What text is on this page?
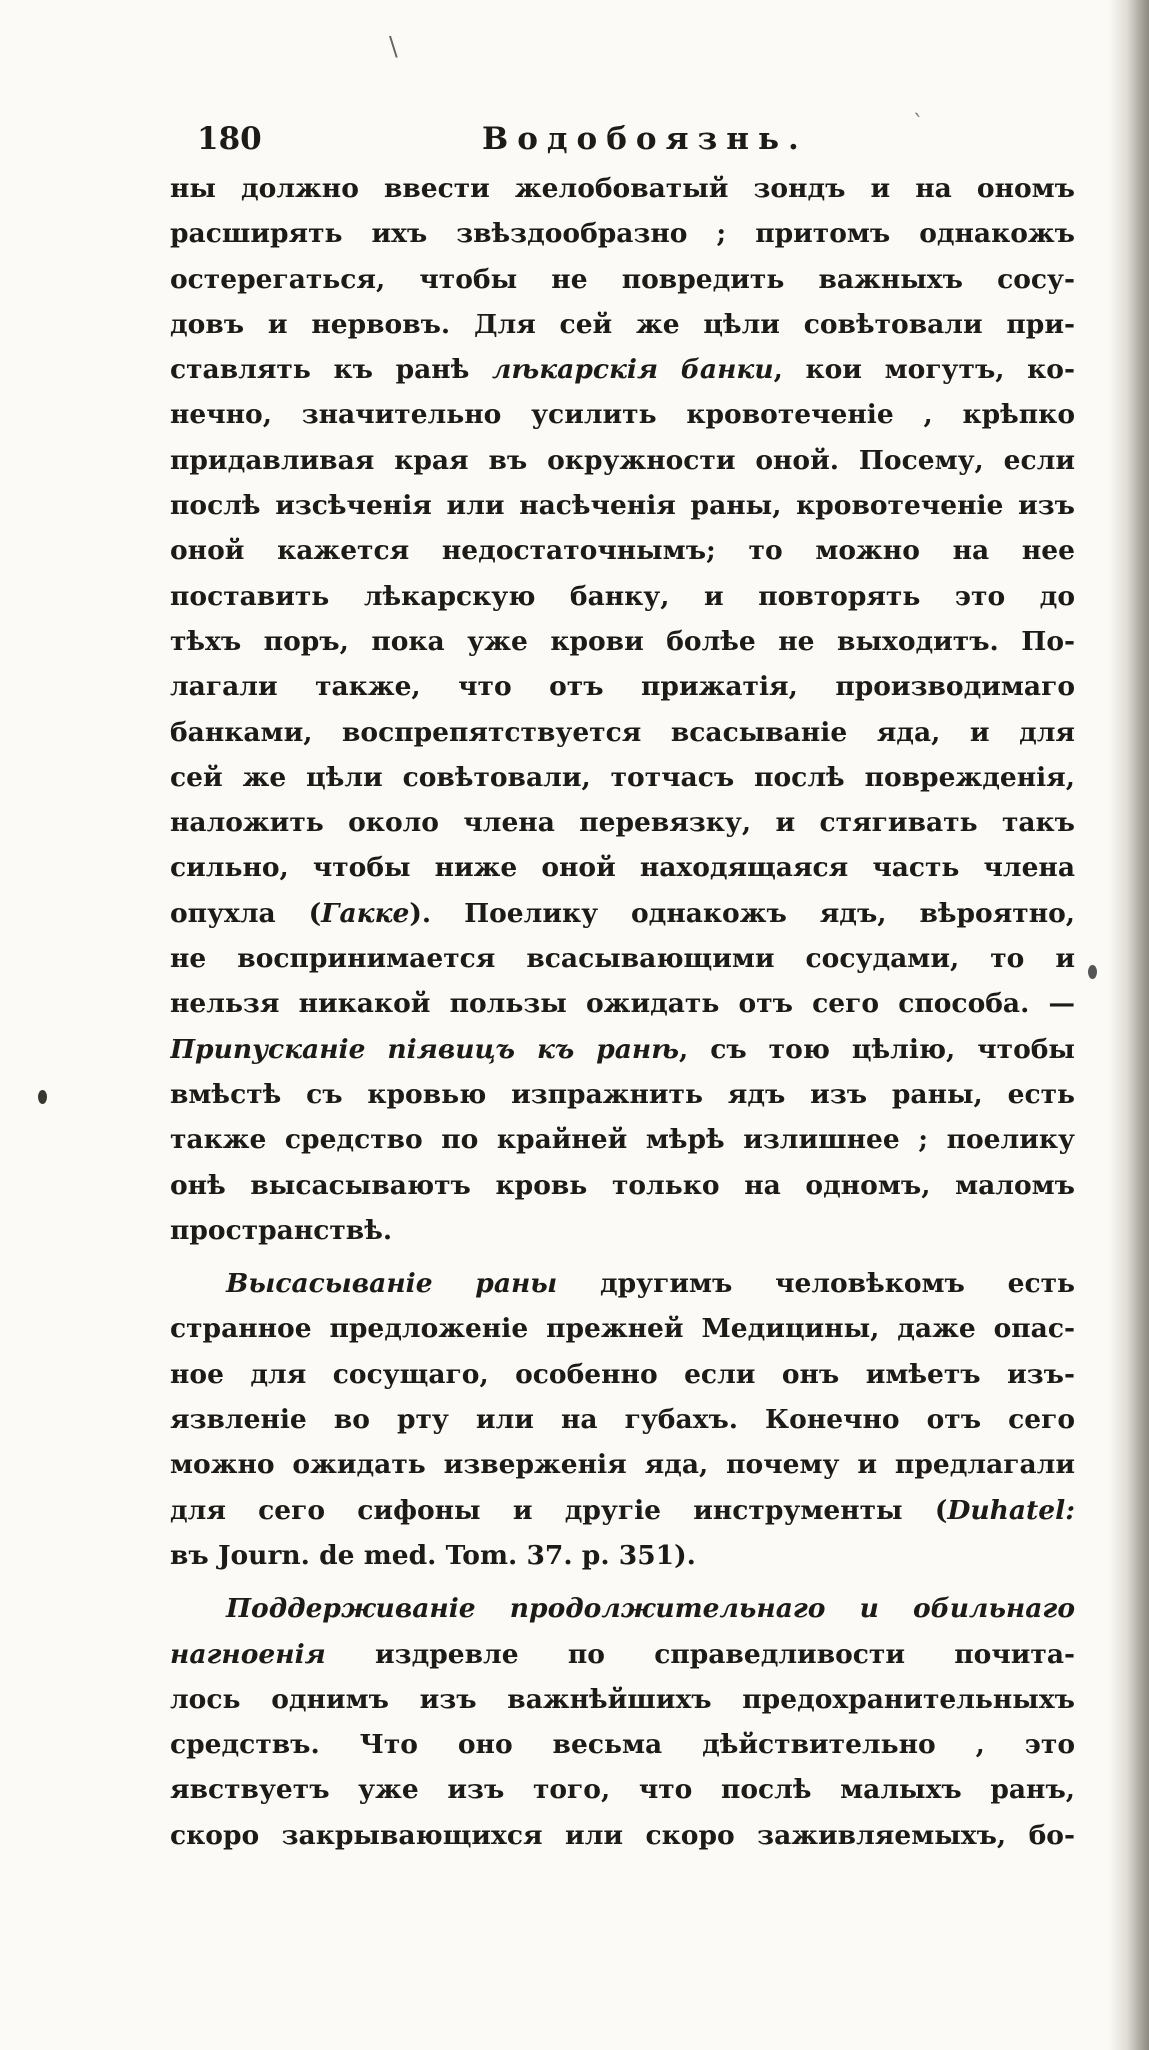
\
`
180	Водобоязнь.
ны должно ввести желобоватый зондъ и на ономъ
расширять ихъ звѣздообразно ; притомъ однакожъ
остерегаться, чтобы не повредить важныхъ сосу-
довъ и нервовъ. Для сей же цѣли совѣтовали при-
ставлять къ ранѣ лѣкарскія банки, кои могутъ, ко-
нечно, значительно усилить кровотеченіе , крѣпко
придавливая края въ окружности оной. Посему, если
послѣ изсѣченія или насѣченія раны, кровотеченіе изъ
оной кажется недостаточнымъ; то можно на нее
поставить лѣкарскую банку, и повторять это до
тѣхъ поръ, пока уже крови болѣе не выходитъ. По-
лагали также, что отъ прижатія, производимаго
банками, воспрепятствуется всасываніе яда, и для
сей же цѣли совѣтовали, тотчасъ послѣ поврежденія,
наложить около члена перевязку, и стягивать такъ
сильно, чтобы ниже оной находящаяся часть члена
опухла (Гакке). Поелику однакожъ ядъ, вѣроятно,
не воспринимается всасывающими сосудами, то и
нельзя никакой пользы ожидать отъ сего способа. —
Припусканіе піявицъ къ ранѣ, съ тою цѣлію, чтобы
вмѣстѣ съ кровью изпражнить ядъ изъ раны, есть
также средство по крайней мѣрѣ излишнее ; поелику
онѣ высасываютъ кровь только на одномъ, маломъ
пространствѣ.
Высасываніе раны другимъ человѣкомъ есть
странное предложеніе прежней Медицины, даже опас-
ное для сосущаго, особенно если онъ имѣетъ изъ-
язвленіе во рту или на губахъ. Конечно отъ сего
можно ожидать изверженія яда, почему и предлагали
для сего сифоны и другіе инструменты (Duhatel:
въ Journ. de med. Tom. 37. p. 351).
Поддерживаніе продолжительнаго и обильнаго
нагноенія издревле по справедливости почита-
лось однимъ изъ важнѣйшихъ предохранительныхъ
средствъ. Что оно весьма дѣйствительно , это
явствуетъ уже изъ того, что послѣ малыхъ ранъ,
скоро закрывающихся или скоро заживляемыхъ, бо-
